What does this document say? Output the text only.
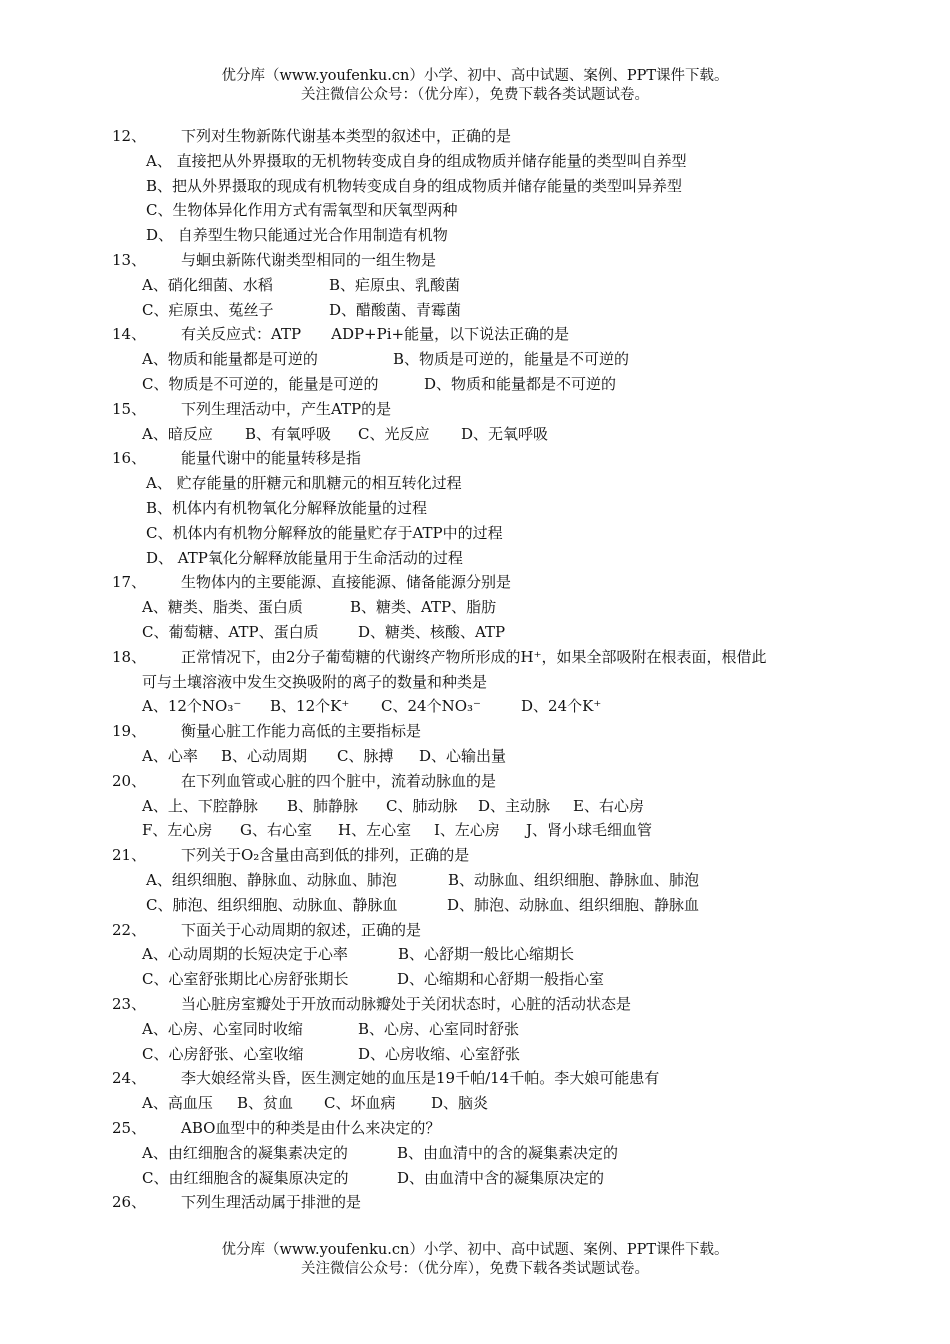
优分库（www.youfenku.cn）小学、初中、高中试题、案例、PPT课件下载。
关注微信公众号：（优分库），免费下载各类试题试卷。
12、 下列对生物新陈代谢基本类型的叙述中，正确的是
A、 直接把从外界摄取的无机物转变成自身的组成物质并储存能量的类型叫自养型
B、把从外界摄取的现成有机物转变成自身的组成物质并储存能量的类型叫异养型
C、生物体异化作用方式有需氧型和厌氧型两种
D、 自养型生物只能通过光合作用制造有机物
13、 与蛔虫新陈代谢类型相同的一组生物是
A、硝化细菌、水稻	B、疟原虫、乳酸菌
C、疟原虫、菟丝子	D、醋酸菌、青霉菌
14、 有关反应式：ATP　　ADP+Pi+能量，以下说法正确的是
A、物质和能量都是可逆的	B、物质是可逆的，能量是不可逆的
C、物质是不可逆的，能量是可逆的	D、物质和能量都是不可逆的
15、 下列生理活动中，产生ATP的是
A、暗反应 B、有氧呼吸 C、光反应 D、无氧呼吸
16、 能量代谢中的能量转移是指
A、 贮存能量的肝糖元和肌糖元的相互转化过程
B、机体内有机物氧化分解释放能量的过程
C、机体内有机物分解释放的能量贮存于ATP中的过程
D、 ATP氧化分解释放能量用于生命活动的过程
17、 生物体内的主要能源、直接能源、储备能源分别是
A、糖类、脂类、蛋白质	B、糖类、ATP、脂肪
C、葡萄糖、ATP、蛋白质	D、糖类、核酸、ATP
18、 正常情况下，由2分子葡萄糖的代谢终产物所形成的H⁺，如果全部吸附在根表面，根借此
可与土壤溶液中发生交换吸附的离子的数量和种类是
A、12个NO₃⁻ B、12个K⁺ C、24个NO₃⁻	D、24个K⁺
19、 衡量心脏工作能力高低的主要指标是
A、心率 B、心动周期 C、脉搏 D、心输出量
20、 在下列血管或心脏的四个脏中，流着动脉血的是
A、上、下腔静脉 B、肺静脉 C、肺动脉 D、主动脉 E、右心房
F、左心房 G、右心室 H、左心室 I、左心房 J、肾小球毛细血管
21、 下列关于O₂含量由高到低的排列，正确的是
A、组织细胞、静脉血、动脉血、肺泡	B、动脉血、组织细胞、静脉血、肺泡
C、肺泡、组织细胞、动脉血、静脉血	D、肺泡、动脉血、组织细胞、静脉血
22、 下面关于心动周期的叙述，正确的是
A、心动周期的长短决定于心率	B、心舒期一般比心缩期长
C、心室舒张期比心房舒张期长	D、心缩期和心舒期一般指心室
23、 当心脏房室瓣处于开放而动脉瓣处于关闭状态时，心脏的活动状态是
A、心房、心室同时收缩	B、心房、心室同时舒张
C、心房舒张、心室收缩	D、心房收缩、心室舒张
24、 李大娘经常头昏，医生测定她的血压是19千帕/14千帕。李大娘可能患有
A、高血压 B、贫血 C、坏血病 D、脑炎
25、 ABO血型中的种类是由什么来决定的？
A、由红细胞含的凝集素决定的	B、由血清中的含的凝集素决定的
C、由红细胞含的凝集原决定的	D、由血清中含的凝集原决定的
26、 下列生理活动属于排泄的是
优分库（www.youfenku.cn）小学、初中、高中试题、案例、PPT课件下载。
关注微信公众号：（优分库），免费下载各类试题试卷。
